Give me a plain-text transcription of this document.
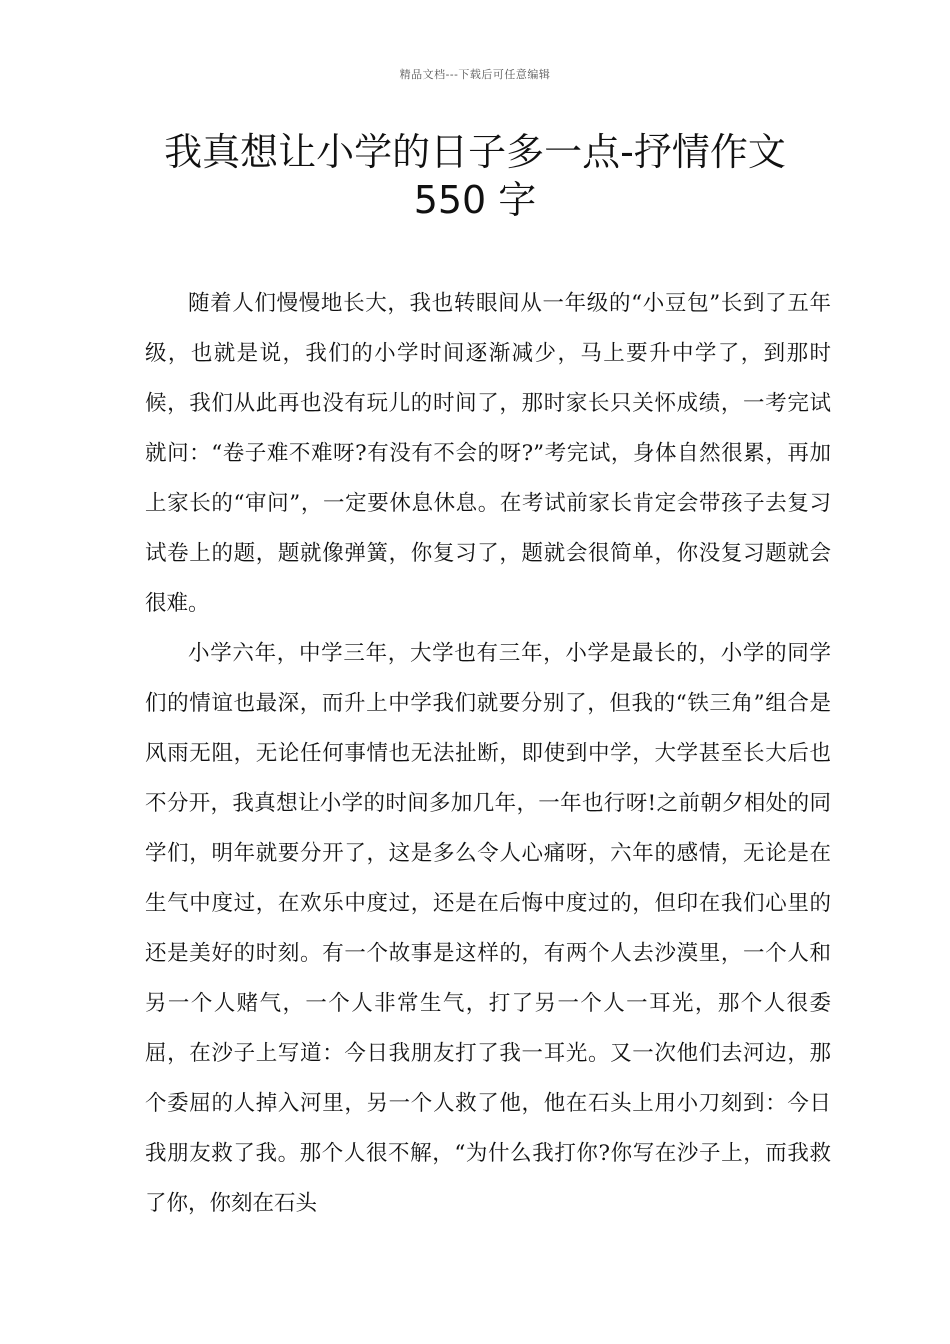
精品文档---下载后可任意编辑
我真想让小学的日子多一点-抒情作文
550 字

随着人们慢慢地长大，我也转眼间从一年级的“小豆包”长到了五年级，也就是说，我们的小学时间逐渐减少，马上要升中学了，到那时候，我们从此再也没有玩儿的时间了，那时家长只关怀成绩，一考完试就问：“卷子难不难呀?有没有不会的呀?”考完试，身体自然很累，再加上家长的“审问”，一定要休息休息。在考试前家长肯定会带孩子去复习试卷上的题，题就像弹簧，你复习了，题就会很简单，你没复习题就会很难。

小学六年，中学三年，大学也有三年，小学是最长的，小学的同学们的情谊也最深，而升上中学我们就要分别了，但我的“铁三角”组合是风雨无阻，无论任何事情也无法扯断，即使到中学，大学甚至长大后也不分开，我真想让小学的时间多加几年，一年也行呀!之前朝夕相处的同学们，明年就要分开了，这是多么令人心痛呀，六年的感情，无论是在生气中度过，在欢乐中度过，还是在后悔中度过的，但印在我们心里的还是美好的时刻。有一个故事是这样的，有两个人去沙漠里，一个人和另一个人赌气，一个人非常生气，打了另一个人一耳光，那个人很委屈，在沙子上写道：今日我朋友打了我一耳光。又一次他们去河边，那个委屈的人掉入河里，另一个人救了他，他在石头上用小刀刻到：今日我朋友救了我。那个人很不解，“为什么我打你?你写在沙子上，而我救了你，你刻在石头
